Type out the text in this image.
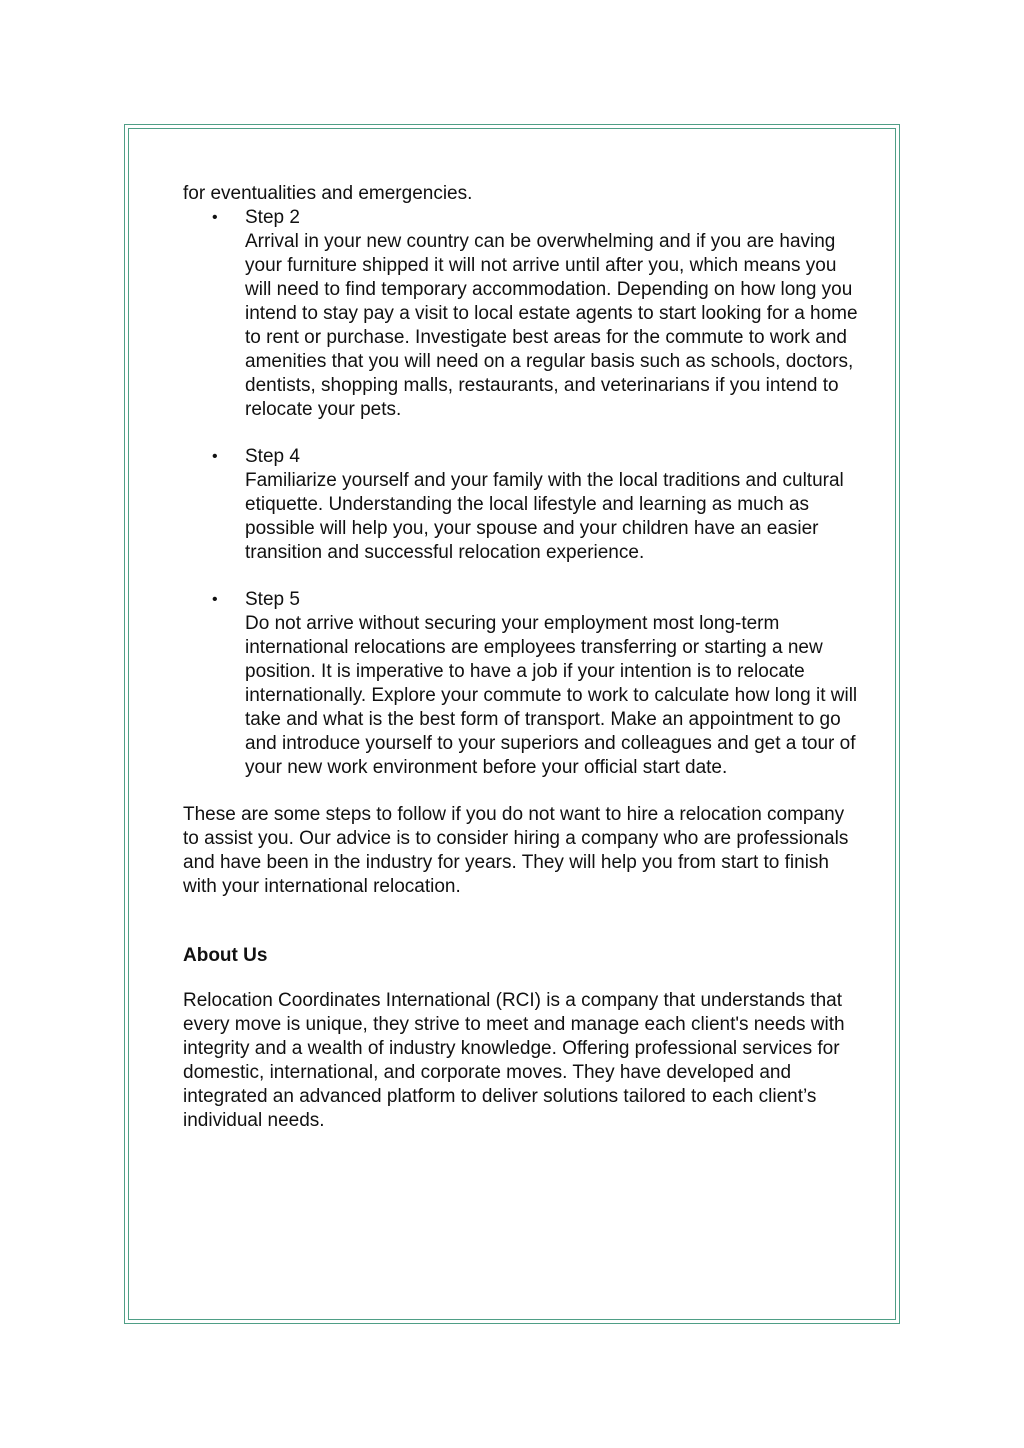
for eventualities and emergencies.

• Step 2
Arrival in your new country can be overwhelming and if you are having your furniture shipped it will not arrive until after you, which means you will need to find temporary accommodation. Depending on how long you intend to stay pay a visit to local estate agents to start looking for a home to rent or purchase. Investigate best areas for the commute to work and amenities that you will need on a regular basis such as schools, doctors, dentists, shopping malls, restaurants, and veterinarians if you intend to relocate your pets.
• Step 4
Familiarize yourself and your family with the local traditions and cultural etiquette. Understanding the local lifestyle and learning as much as possible will help you, your spouse and your children have an easier transition and successful relocation experience.
• Step 5
Do not arrive without securing your employment most long-term international relocations are employees transferring or starting a new position. It is imperative to have a job if your intention is to relocate internationally. Explore your commute to work to calculate how long it will take and what is the best form of transport. Make an appointment to go and introduce yourself to your superiors and colleagues and get a tour of your new work environment before your official start date.

These are some steps to follow if you do not want to hire a relocation company to assist you. Our advice is to consider hiring a company who are professionals and have been in the industry for years. They will help you from start to finish with your international relocation.

About Us

Relocation Coordinates International (RCI) is a company that understands that every move is unique, they strive to meet and manage each client's needs with integrity and a wealth of industry knowledge. Offering professional services for domestic, international, and corporate moves. They have developed and integrated an advanced platform to deliver solutions tailored to each client’s individual needs.
